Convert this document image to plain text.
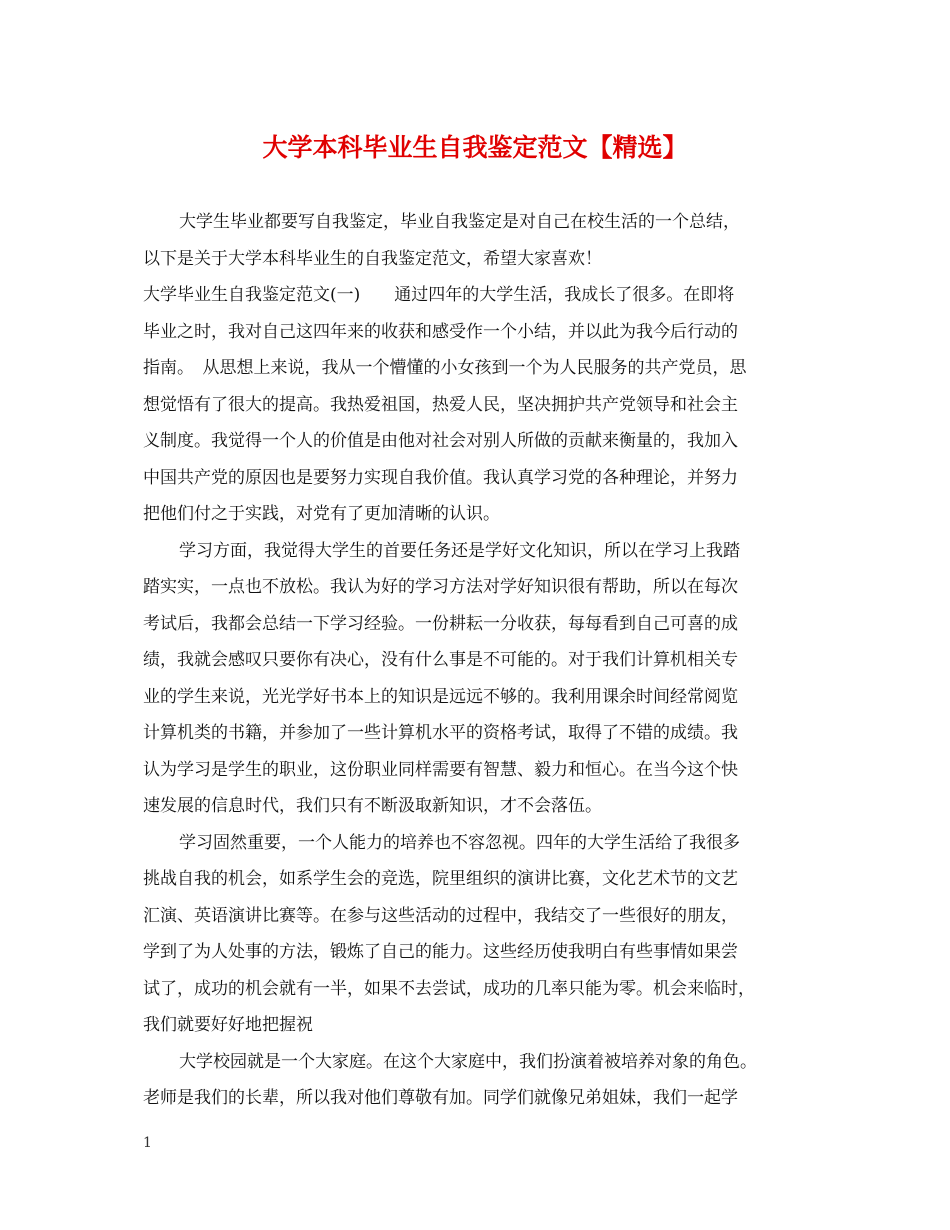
大学本科毕业生自我鉴定范文【精选】
大学生毕业都要写自我鉴定，毕业自我鉴定是对自己在校生活的一个总结，
以下是关于大学本科毕业生的自我鉴定范文，希望大家喜欢！
大学毕业生自我鉴定范文(一)　　通过四年的大学生活，我成长了很多。在即将
毕业之时，我对自己这四年来的收获和感受作一个小结，并以此为我今后行动的
指南。　从思想上来说，我从一个懵懂的小女孩到一个为人民服务的共产党员，思
想觉悟有了很大的提高。我热爱祖国，热爱人民，坚决拥护共产党领导和社会主
义制度。我觉得一个人的价值是由他对社会对别人所做的贡献来衡量的，我加入
中国共产党的原因也是要努力实现自我价值。我认真学习党的各种理论，并努力
把他们付之于实践，对党有了更加清晰的认识。
学习方面，我觉得大学生的首要任务还是学好文化知识，所以在学习上我踏
踏实实，一点也不放松。我认为好的学习方法对学好知识很有帮助，所以在每次
考试后，我都会总结一下学习经验。一份耕耘一分收获，每每看到自己可喜的成
绩，我就会感叹只要你有决心，没有什么事是不可能的。对于我们计算机相关专
业的学生来说，光光学好书本上的知识是远远不够的。我利用课余时间经常阅览
计算机类的书籍，并参加了一些计算机水平的资格考试，取得了不错的成绩。我
认为学习是学生的职业，这份职业同样需要有智慧、毅力和恒心。在当今这个快
速发展的信息时代，我们只有不断汲取新知识，才不会落伍。
学习固然重要，一个人能力的培养也不容忽视。四年的大学生活给了我很多
挑战自我的机会，如系学生会的竞选，院里组织的演讲比赛，文化艺术节的文艺
汇演、英语演讲比赛等。在参与这些活动的过程中，我结交了一些很好的朋友，
学到了为人处事的方法，锻炼了自己的能力。这些经历使我明白有些事情如果尝
试了，成功的机会就有一半，如果不去尝试，成功的几率只能为零。机会来临时，
我们就要好好地把握祝
大学校园就是一个大家庭。在这个大家庭中，我们扮演着被培养对象的角色。
老师是我们的长辈，所以我对他们尊敬有加。同学们就像兄弟姐妹，我们一起学
1
